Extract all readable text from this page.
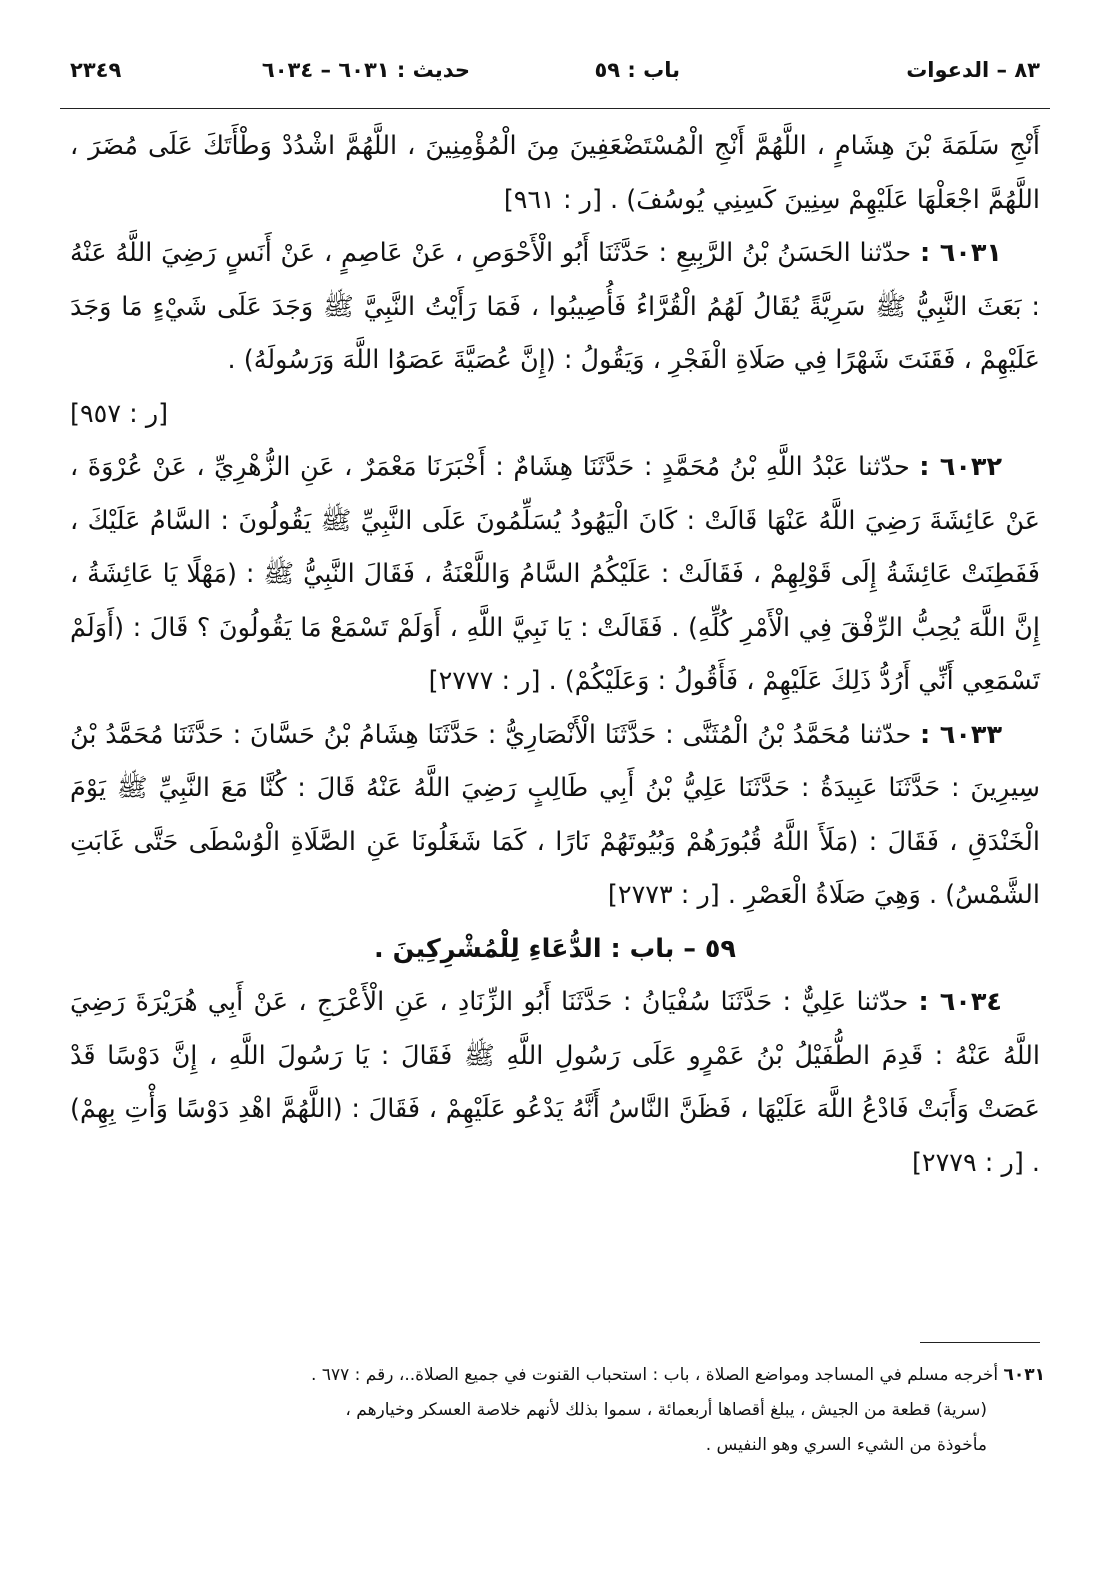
٨٣ – الدعوات
باب : ٥٩
حديث : ٦٠٣١ – ٦٠٣٤
٢٣٤٩

أَنْجِ سَلَمَةَ بْنَ هِشَامٍ ، اللَّهُمَّ أَنْجِ الْمُسْتَضْعَفِينَ مِنَ الْمُؤْمِنِينَ ، اللَّهُمَّ اشْدُدْ وَطْأَتَكَ عَلَى مُضَرَ ، اللَّهُمَّ اجْعَلْهَا عَلَيْهِمْ سِنِينَ كَسِنِي يُوسُفَ) . [ر : ٩٦١]

٦٠٣١ : حدّثنا الحَسَنُ بْنُ الرَّبِيعِ : حَدَّثَنَا أَبُو الْأَحْوَصِ ، عَنْ عَاصِمٍ ، عَنْ أَنَسٍ رَضِيَ اللَّهُ عَنْهُ : بَعَثَ النَّبِيُّ ﷺ سَرِيَّةً يُقَالُ لَهُمُ الْقُرَّاءُ فَأُصِيبُوا ، فَمَا رَأَيْتُ النَّبِيَّ ﷺ وَجَدَ عَلَى شَيْءٍ مَا وَجَدَ عَلَيْهِمْ ، فَقَنَتَ شَهْرًا فِي صَلَاةِ الْفَجْرِ ، وَيَقُولُ : (إِنَّ عُصَيَّةَ عَصَوُا اللَّهَ وَرَسُولَهُ) .

[ر : ٩٥٧]

٦٠٣٢ : حدّثنا عَبْدُ اللَّهِ بْنُ مُحَمَّدٍ : حَدَّثَنَا هِشَامٌ : أَخْبَرَنَا مَعْمَرٌ ، عَنِ الزُّهْرِيِّ ، عَنْ عُرْوَةَ ، عَنْ عَائِشَةَ رَضِيَ اللَّهُ عَنْهَا قَالَتْ : كَانَ الْيَهُودُ يُسَلِّمُونَ عَلَى النَّبِيِّ ﷺ يَقُولُونَ : السَّامُ عَلَيْكَ ، فَفَطِنَتْ عَائِشَةُ إِلَى قَوْلِهِمْ ، فَقَالَتْ : عَلَيْكُمُ السَّامُ وَاللَّعْنَةُ ، فَقَالَ النَّبِيُّ ﷺ : (مَهْلًا يَا عَائِشَةُ ، إِنَّ اللَّهَ يُحِبُّ الرِّفْقَ فِي الْأَمْرِ كُلِّهِ) . فَقَالَتْ : يَا نَبِيَّ اللَّهِ ، أَوَلَمْ تَسْمَعْ مَا يَقُولُونَ ؟ قَالَ : (أَوَلَمْ تَسْمَعِي أَنِّي أَرُدُّ ذَلِكَ عَلَيْهِمْ ، فَأَقُولُ : وَعَلَيْكُمْ) . [ر : ٢٧٧٧]

٦٠٣٣ : حدّثنا مُحَمَّدُ بْنُ الْمُثَنَّى : حَدَّثَنَا الْأَنْصَارِيُّ : حَدَّثَنَا هِشَامُ بْنُ حَسَّانَ : حَدَّثَنَا مُحَمَّدُ بْنُ سِيرِينَ : حَدَّثَنَا عَبِيدَةُ : حَدَّثَنَا عَلِيُّ بْنُ أَبِي طَالِبٍ رَضِيَ اللَّهُ عَنْهُ قَالَ : كُنَّا مَعَ النَّبِيِّ ﷺ يَوْمَ الْخَنْدَقِ ، فَقَالَ : (مَلَأَ اللَّهُ قُبُورَهُمْ وَبُيُوتَهُمْ نَارًا ، كَمَا شَغَلُونَا عَنِ الصَّلَاةِ الْوُسْطَى حَتَّى غَابَتِ الشَّمْسُ) . وَهِيَ صَلَاةُ الْعَصْرِ . [ر : ٢٧٧٣]

٥٩ – باب : الدُّعَاءِ لِلْمُشْرِكِينَ .

٦٠٣٤ : حدّثنا عَلِيٌّ : حَدَّثَنَا سُفْيَانُ : حَدَّثَنَا أَبُو الزِّنَادِ ، عَنِ الْأَعْرَجِ ، عَنْ أَبِي هُرَيْرَةَ رَضِيَ اللَّهُ عَنْهُ : قَدِمَ الطُّفَيْلُ بْنُ عَمْرٍو عَلَى رَسُولِ اللَّهِ ﷺ فَقَالَ : يَا رَسُولَ اللَّهِ ، إِنَّ دَوْسًا قَدْ عَصَتْ وَأَبَتْ فَادْعُ اللَّهَ عَلَيْهَا ، فَظَنَّ النَّاسُ أَنَّهُ يَدْعُو عَلَيْهِمْ ، فَقَالَ : (اللَّهُمَّ اهْدِ دَوْسًا وَأْتِ بِهِمْ) . [ر : ٢٧٧٩]

٦٠٣١ أخرجه مسلم في المساجد ومواضع الصلاة ، باب : استحباب القنوت في جميع الصلاة..، رقم : ٦٧٧ .

(سرية) قطعة من الجيش ، يبلغ أقصاها أربعمائة ، سموا بذلك لأنهم خلاصة العسكر وخيارهم ،

مأخوذة من الشيء السري وهو النفيس .
